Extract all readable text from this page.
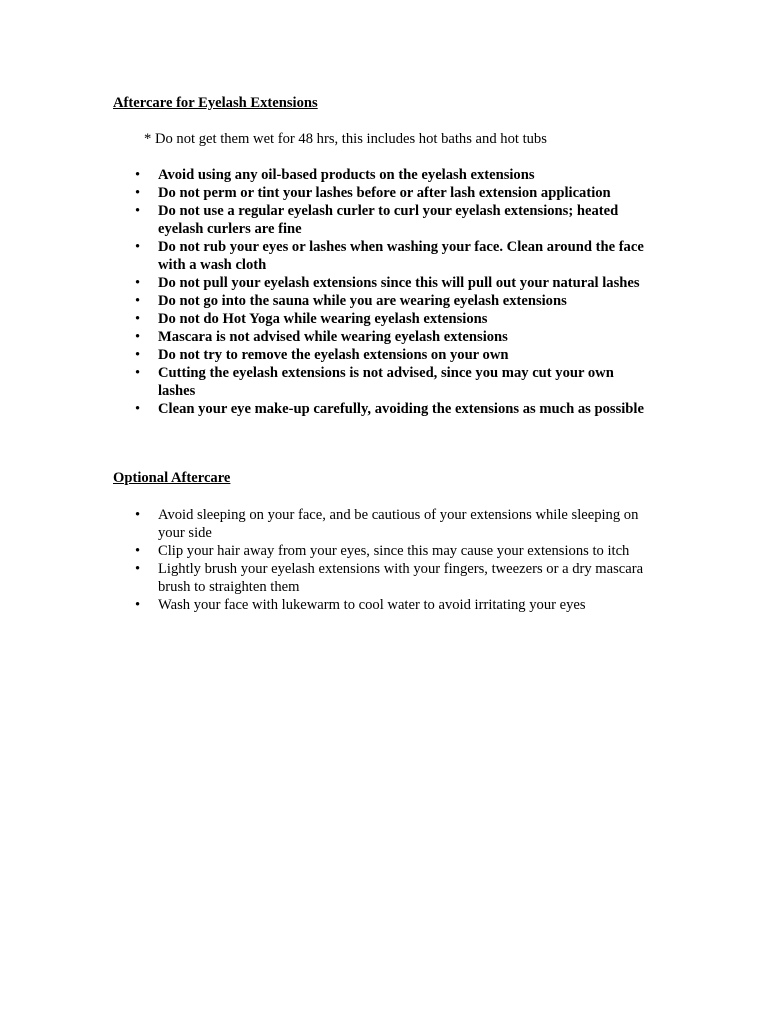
Aftercare for Eyelash Extensions

* Do not get them wet for 48 hrs, this includes hot baths and hot tubs

• Avoid using any oil-based products on the eyelash extensions
• Do not perm or tint your lashes before or after lash extension application
• Do not use a regular eyelash curler to curl your eyelash extensions; heated eyelash curlers are fine
• Do not rub your eyes or lashes when washing your face. Clean around the face with a wash cloth
• Do not pull your eyelash extensions since this will pull out your natural lashes
• Do not go into the sauna while you are wearing eyelash extensions
• Do not do Hot Yoga while wearing eyelash extensions
• Mascara is not advised while wearing eyelash extensions
• Do not try to remove the eyelash extensions on your own
• Cutting the eyelash extensions is not advised, since you may cut your own lashes
• Clean your eye make-up carefully, avoiding the extensions as much as possible
Optional Aftercare
• Avoid sleeping on your face, and be cautious of your extensions while sleeping on your side
• Clip your hair away from your eyes, since this may cause your extensions to itch
• Lightly brush your eyelash extensions with your fingers, tweezers or a dry mascara brush to straighten them
• Wash your face with lukewarm to cool water to avoid irritating your eyes
